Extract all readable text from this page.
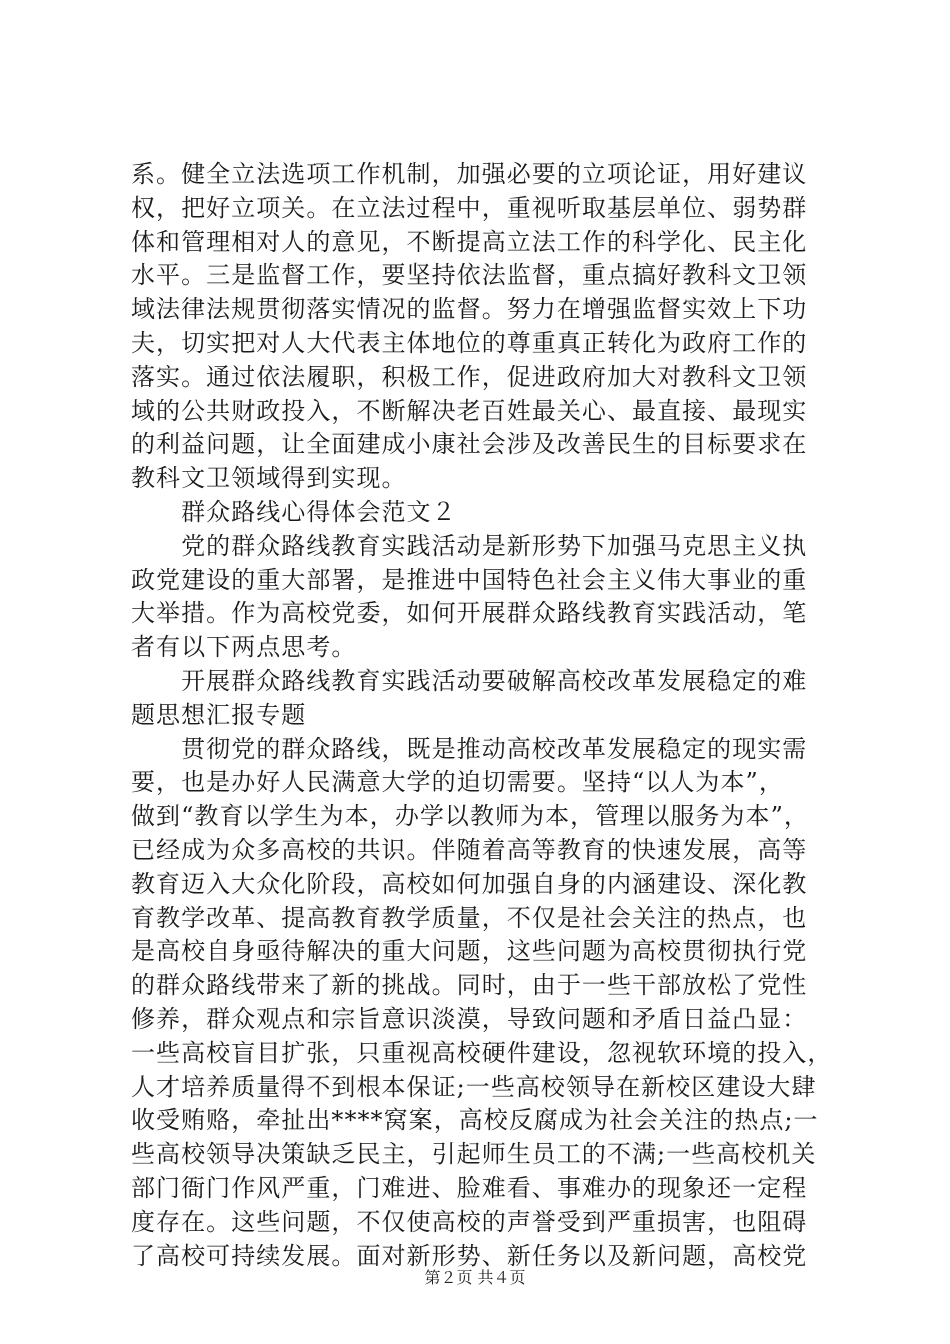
系。健全立法选项工作机制，加强必要的立项论证，用好建议
权，把好立项关。在立法过程中，重视听取基层单位、弱势群
体和管理相对人的意见，不断提高立法工作的科学化、民主化
水平。三是监督工作，要坚持依法监督，重点搞好教科文卫领
域法律法规贯彻落实情况的监督。努力在增强监督实效上下功
夫，切实把对人大代表主体地位的尊重真正转化为政府工作的
落实。通过依法履职，积极工作，促进政府加大对教科文卫领
域的公共财政投入，不断解决老百姓最关心、最直接、最现实
的利益问题，让全面建成小康社会涉及改善民生的目标要求在
教科文卫领域得到实现。
　　群众路线心得体会范文２
　　党的群众路线教育实践活动是新形势下加强马克思主义执
政党建设的重大部署，是推进中国特色社会主义伟大事业的重
大举措。作为高校党委，如何开展群众路线教育实践活动，笔
者有以下两点思考。
　　开展群众路线教育实践活动要破解高校改革发展稳定的难
题思想汇报专题
　　贯彻党的群众路线，既是推动高校改革发展稳定的现实需
要，也是办好人民满意大学的迫切需要。坚持“以人为本”，
做到“教育以学生为本，办学以教师为本，管理以服务为本”，
已经成为众多高校的共识。伴随着高等教育的快速发展，高等
教育迈入大众化阶段，高校如何加强自身的内涵建设、深化教
育教学改革、提高教育教学质量，不仅是社会关注的热点，也
是高校自身亟待解决的重大问题，这些问题为高校贯彻执行党
的群众路线带来了新的挑战。同时，由于一些干部放松了党性
修养，群众观点和宗旨意识淡漠，导致问题和矛盾日益凸显：
一些高校盲目扩张，只重视高校硬件建设，忽视软环境的投入，
人才培养质量得不到根本保证;一些高校领导在新校区建设大肆
收受贿赂，牵扯出****窝案，高校反腐成为社会关注的热点;一
些高校领导决策缺乏民主，引起师生员工的不满;一些高校机关
部门衙门作风严重，门难进、脸难看、事难办的现象还一定程
度存在。这些问题，不仅使高校的声誉受到严重损害，也阻碍
了高校可持续发展。面对新形势、新任务以及新问题，高校党
第２页 共４页
